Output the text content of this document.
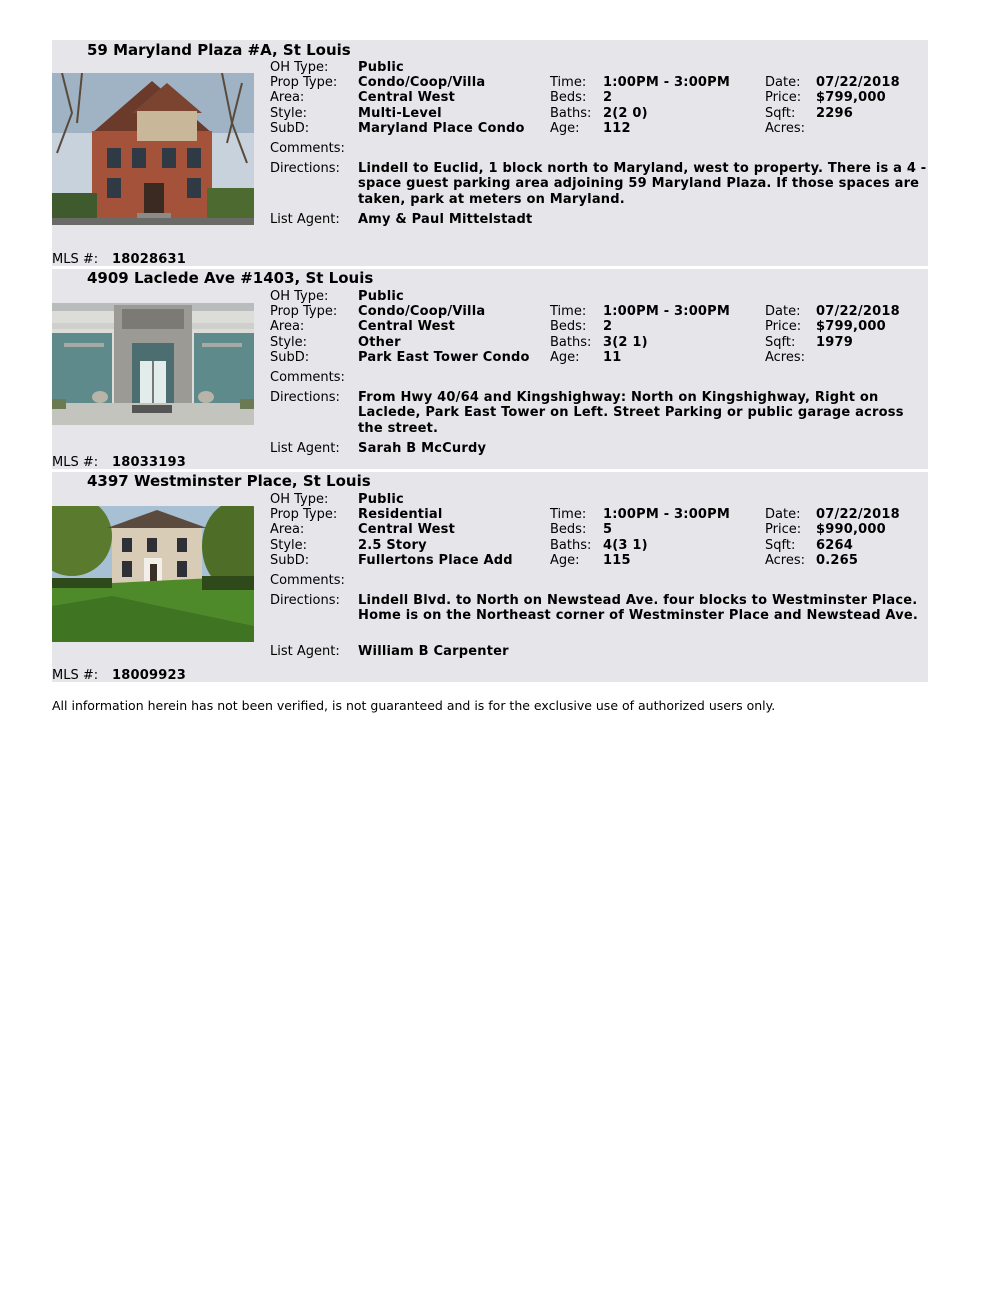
59 Maryland Plaza #A, St Louis
OH Type: Public
Prop Type: Condo/Coop/Villa	Time: 1:00PM - 3:00PM	Date: 07/22/2018
Area:	Central West	Beds: 2	Price: $799,000
Style:	Multi-Level	Baths: 2(2 0)	Sqft: 2296
SubD:	Maryland Place Condo Age: 112	Acres:
Comments:
Directions: Lindell to Euclid, 1 block north to Maryland, west to property. There is a 4 -space guest parking area adjoining 59 Maryland Plaza. If those spaces are taken, park at meters on Maryland.
List Agent: Amy & Paul Mittelstadt
MLS #: 18028631
4909 Laclede Ave #1403, St Louis
OH Type: Public
Prop Type: Condo/Coop/Villa	Time: 1:00PM - 3:00PM	Date: 07/22/2018
Area:	Central West	Beds: 2	Price: $799,000
Style:	Other	Baths: 3(2 1)	Sqft: 1979
SubD:	Park East Tower Condo Age: 11	Acres:
Comments:
Directions: From Hwy 40/64 and Kingshighway: North on Kingshighway, Right on Laclede, Park East Tower on Left. Street Parking or public garage across the street.
List Agent: Sarah B McCurdy
MLS #: 18033193
4397 Westminster Place, St Louis
OH Type: Public
Prop Type: Residential	Time: 1:00PM - 3:00PM	Date: 07/22/2018
Area:	Central West	Beds: 5	Price: $990,000
Style:	2.5 Story	Baths: 4(3 1)	Sqft: 6264
SubD:	Fullertons Place Add	Age: 115	Acres: 0.265
Comments:
Directions: Lindell Blvd. to North on Newstead Ave. four blocks to Westminster Place. Home is on the Northeast corner of Westminster Place and Newstead Ave.
List Agent: William B Carpenter
MLS #: 18009923
All information herein has not been verified, is not guaranteed and is for the exclusive use of authorized users only.
